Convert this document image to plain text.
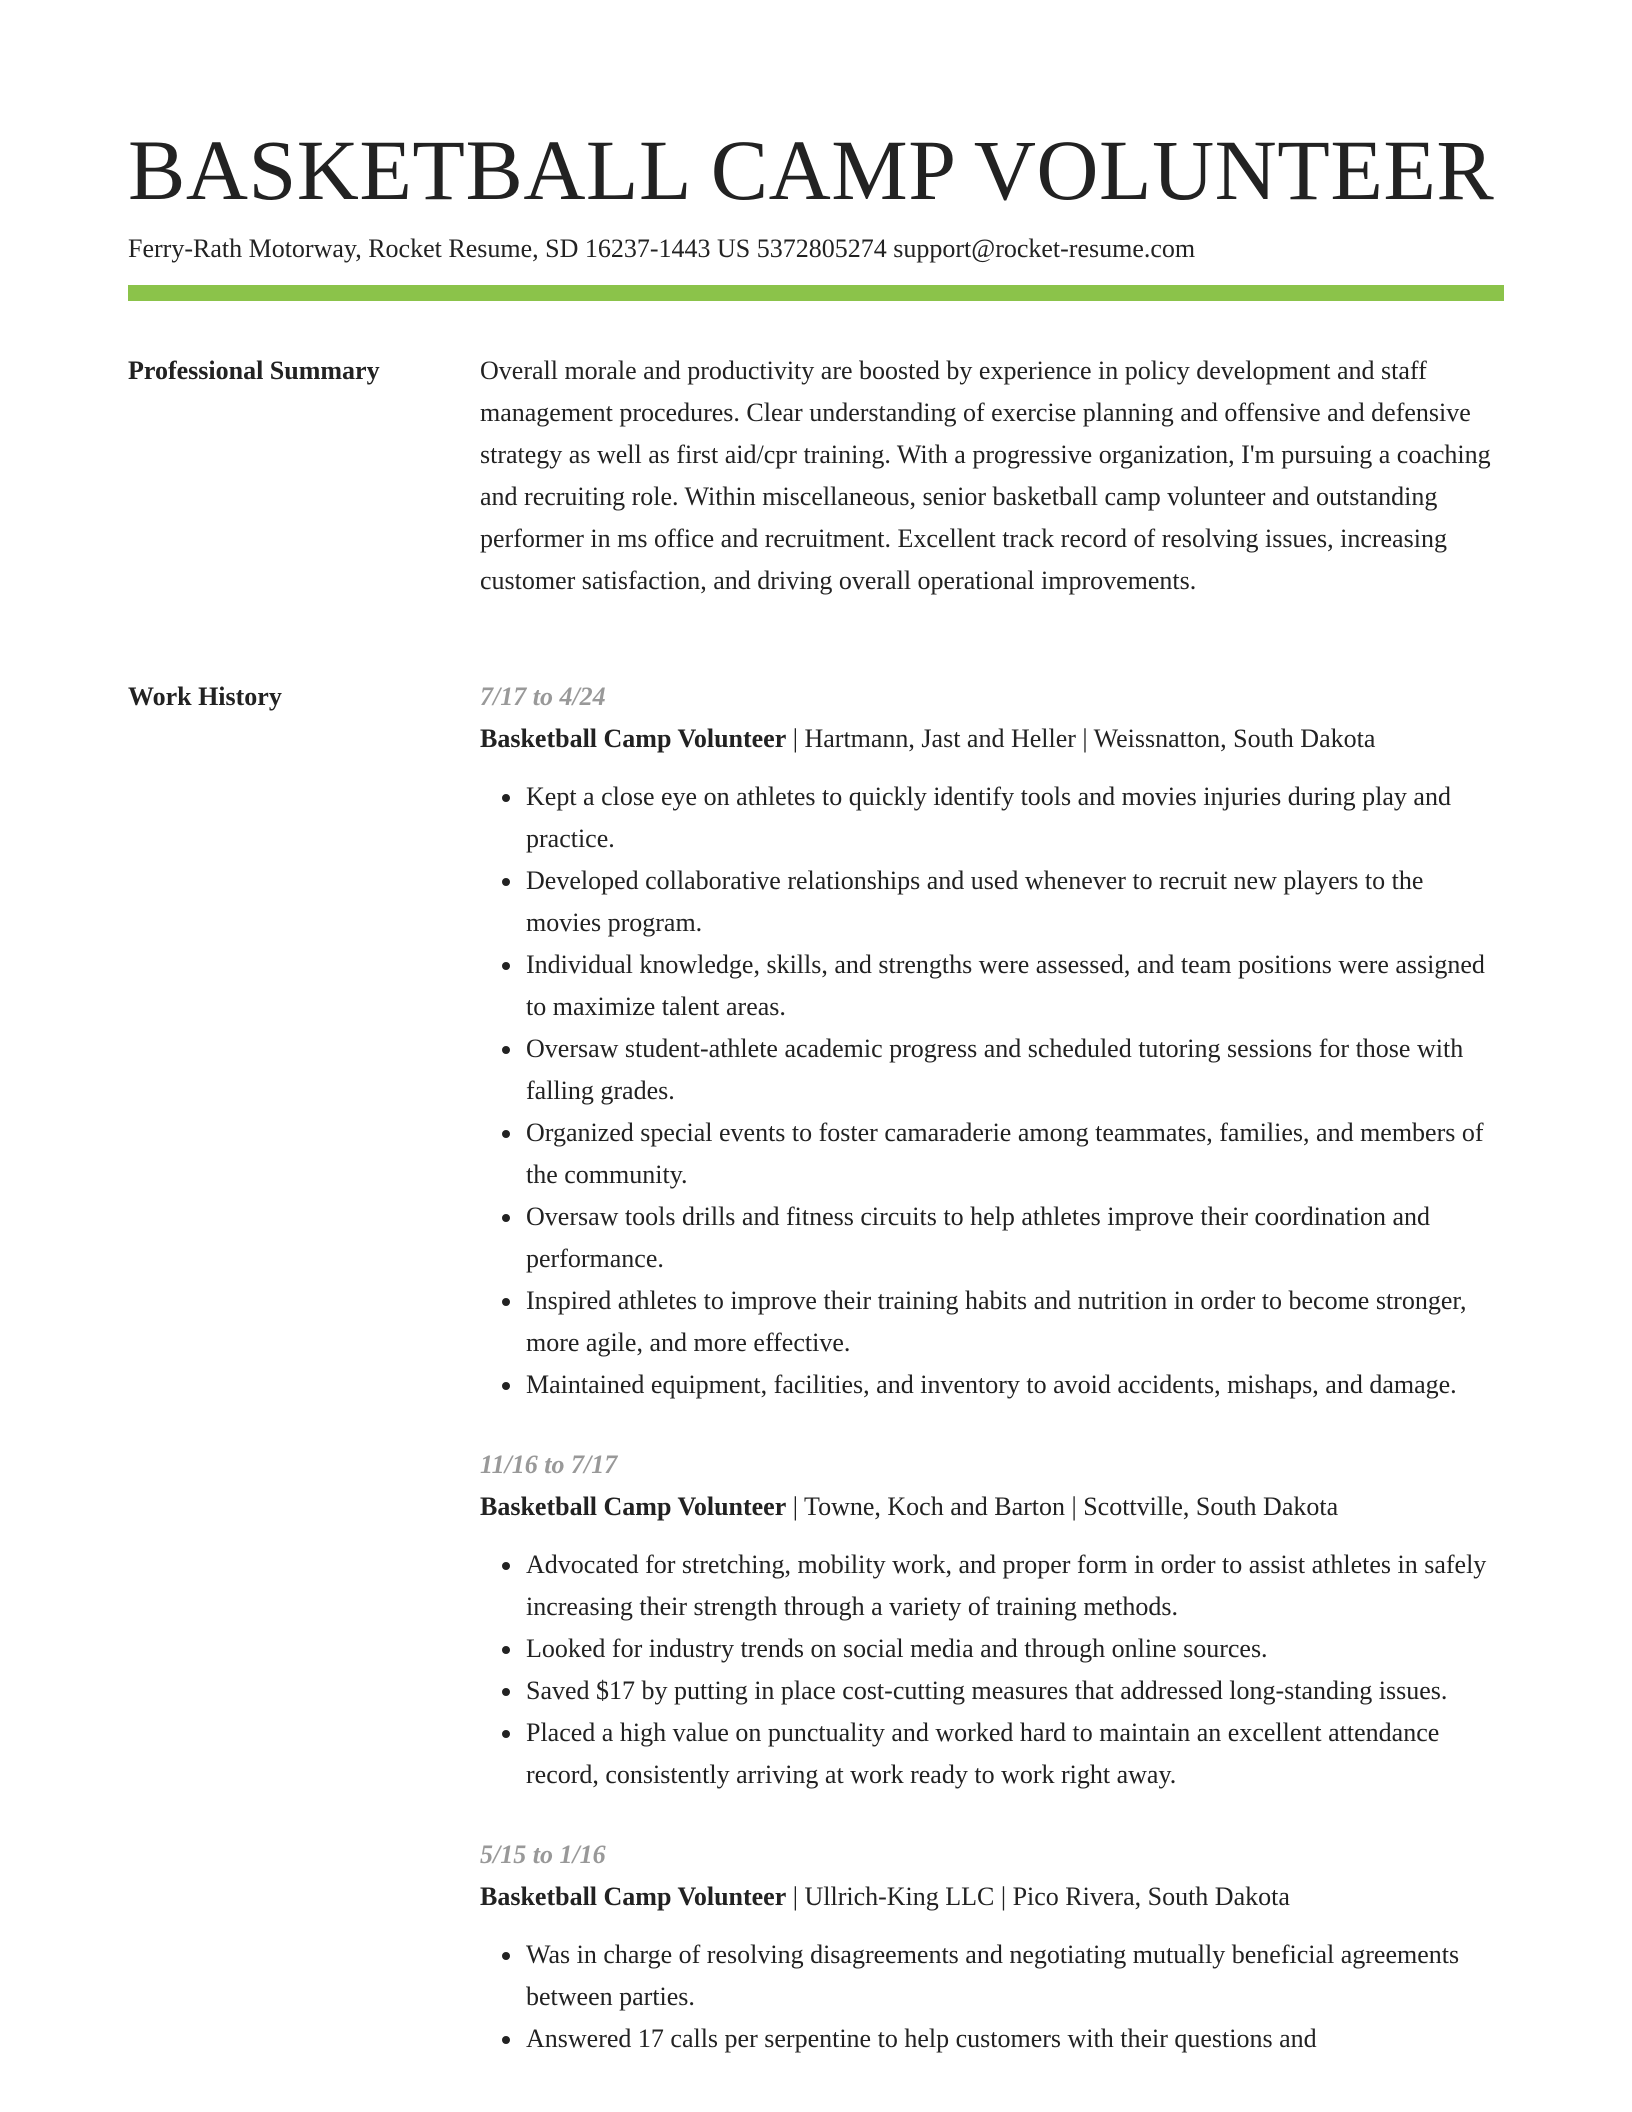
BASKETBALL CAMP VOLUNTEER
Ferry-Rath Motorway, Rocket Resume, SD 16237-1443 US 5372805274 support@rocket-resume.com
Professional Summary	Overall morale and productivity are boosted by experience in policy development and staff management procedures. Clear understanding of exercise planning and offensive and defensive strategy as well as first aid/cpr training. With a progressive organization, I'm pursuing a coaching and recruiting role. Within miscellaneous, senior basketball camp volunteer and outstanding performer in ms office and recruitment. Excellent track record of resolving issues, increasing customer satisfaction, and driving overall operational improvements.

Work History	7/17 to 4/24
Basketball Camp Volunteer | Hartmann, Jast and Heller | Weissnatton, South Dakota
• Kept a close eye on athletes to quickly identify tools and movies injuries during play and practice.
• Developed collaborative relationships and used whenever to recruit new players to the movies program.
• Individual knowledge, skills, and strengths were assessed, and team positions were assigned to maximize talent areas.
• Oversaw student-athlete academic progress and scheduled tutoring sessions for those with falling grades.
• Organized special events to foster camaraderie among teammates, families, and members of the community.
• Oversaw tools drills and fitness circuits to help athletes improve their coordination and performance.
• Inspired athletes to improve their training habits and nutrition in order to become stronger, more agile, and more effective.
• Maintained equipment, facilities, and inventory to avoid accidents, mishaps, and damage.
11/16 to 7/17
Basketball Camp Volunteer | Towne, Koch and Barton | Scottville, South Dakota
• Advocated for stretching, mobility work, and proper form in order to assist athletes in safely increasing their strength through a variety of training methods.
• Looked for industry trends on social media and through online sources.
• Saved $17 by putting in place cost-cutting measures that addressed long-standing issues.
• Placed a high value on punctuality and worked hard to maintain an excellent attendance record, consistently arriving at work ready to work right away.
5/15 to 1/16
Basketball Camp Volunteer | Ullrich-King LLC | Pico Rivera, South Dakota
• Was in charge of resolving disagreements and negotiating mutually beneficial agreements between parties.
• Answered 17 calls per serpentine to help customers with their questions and
